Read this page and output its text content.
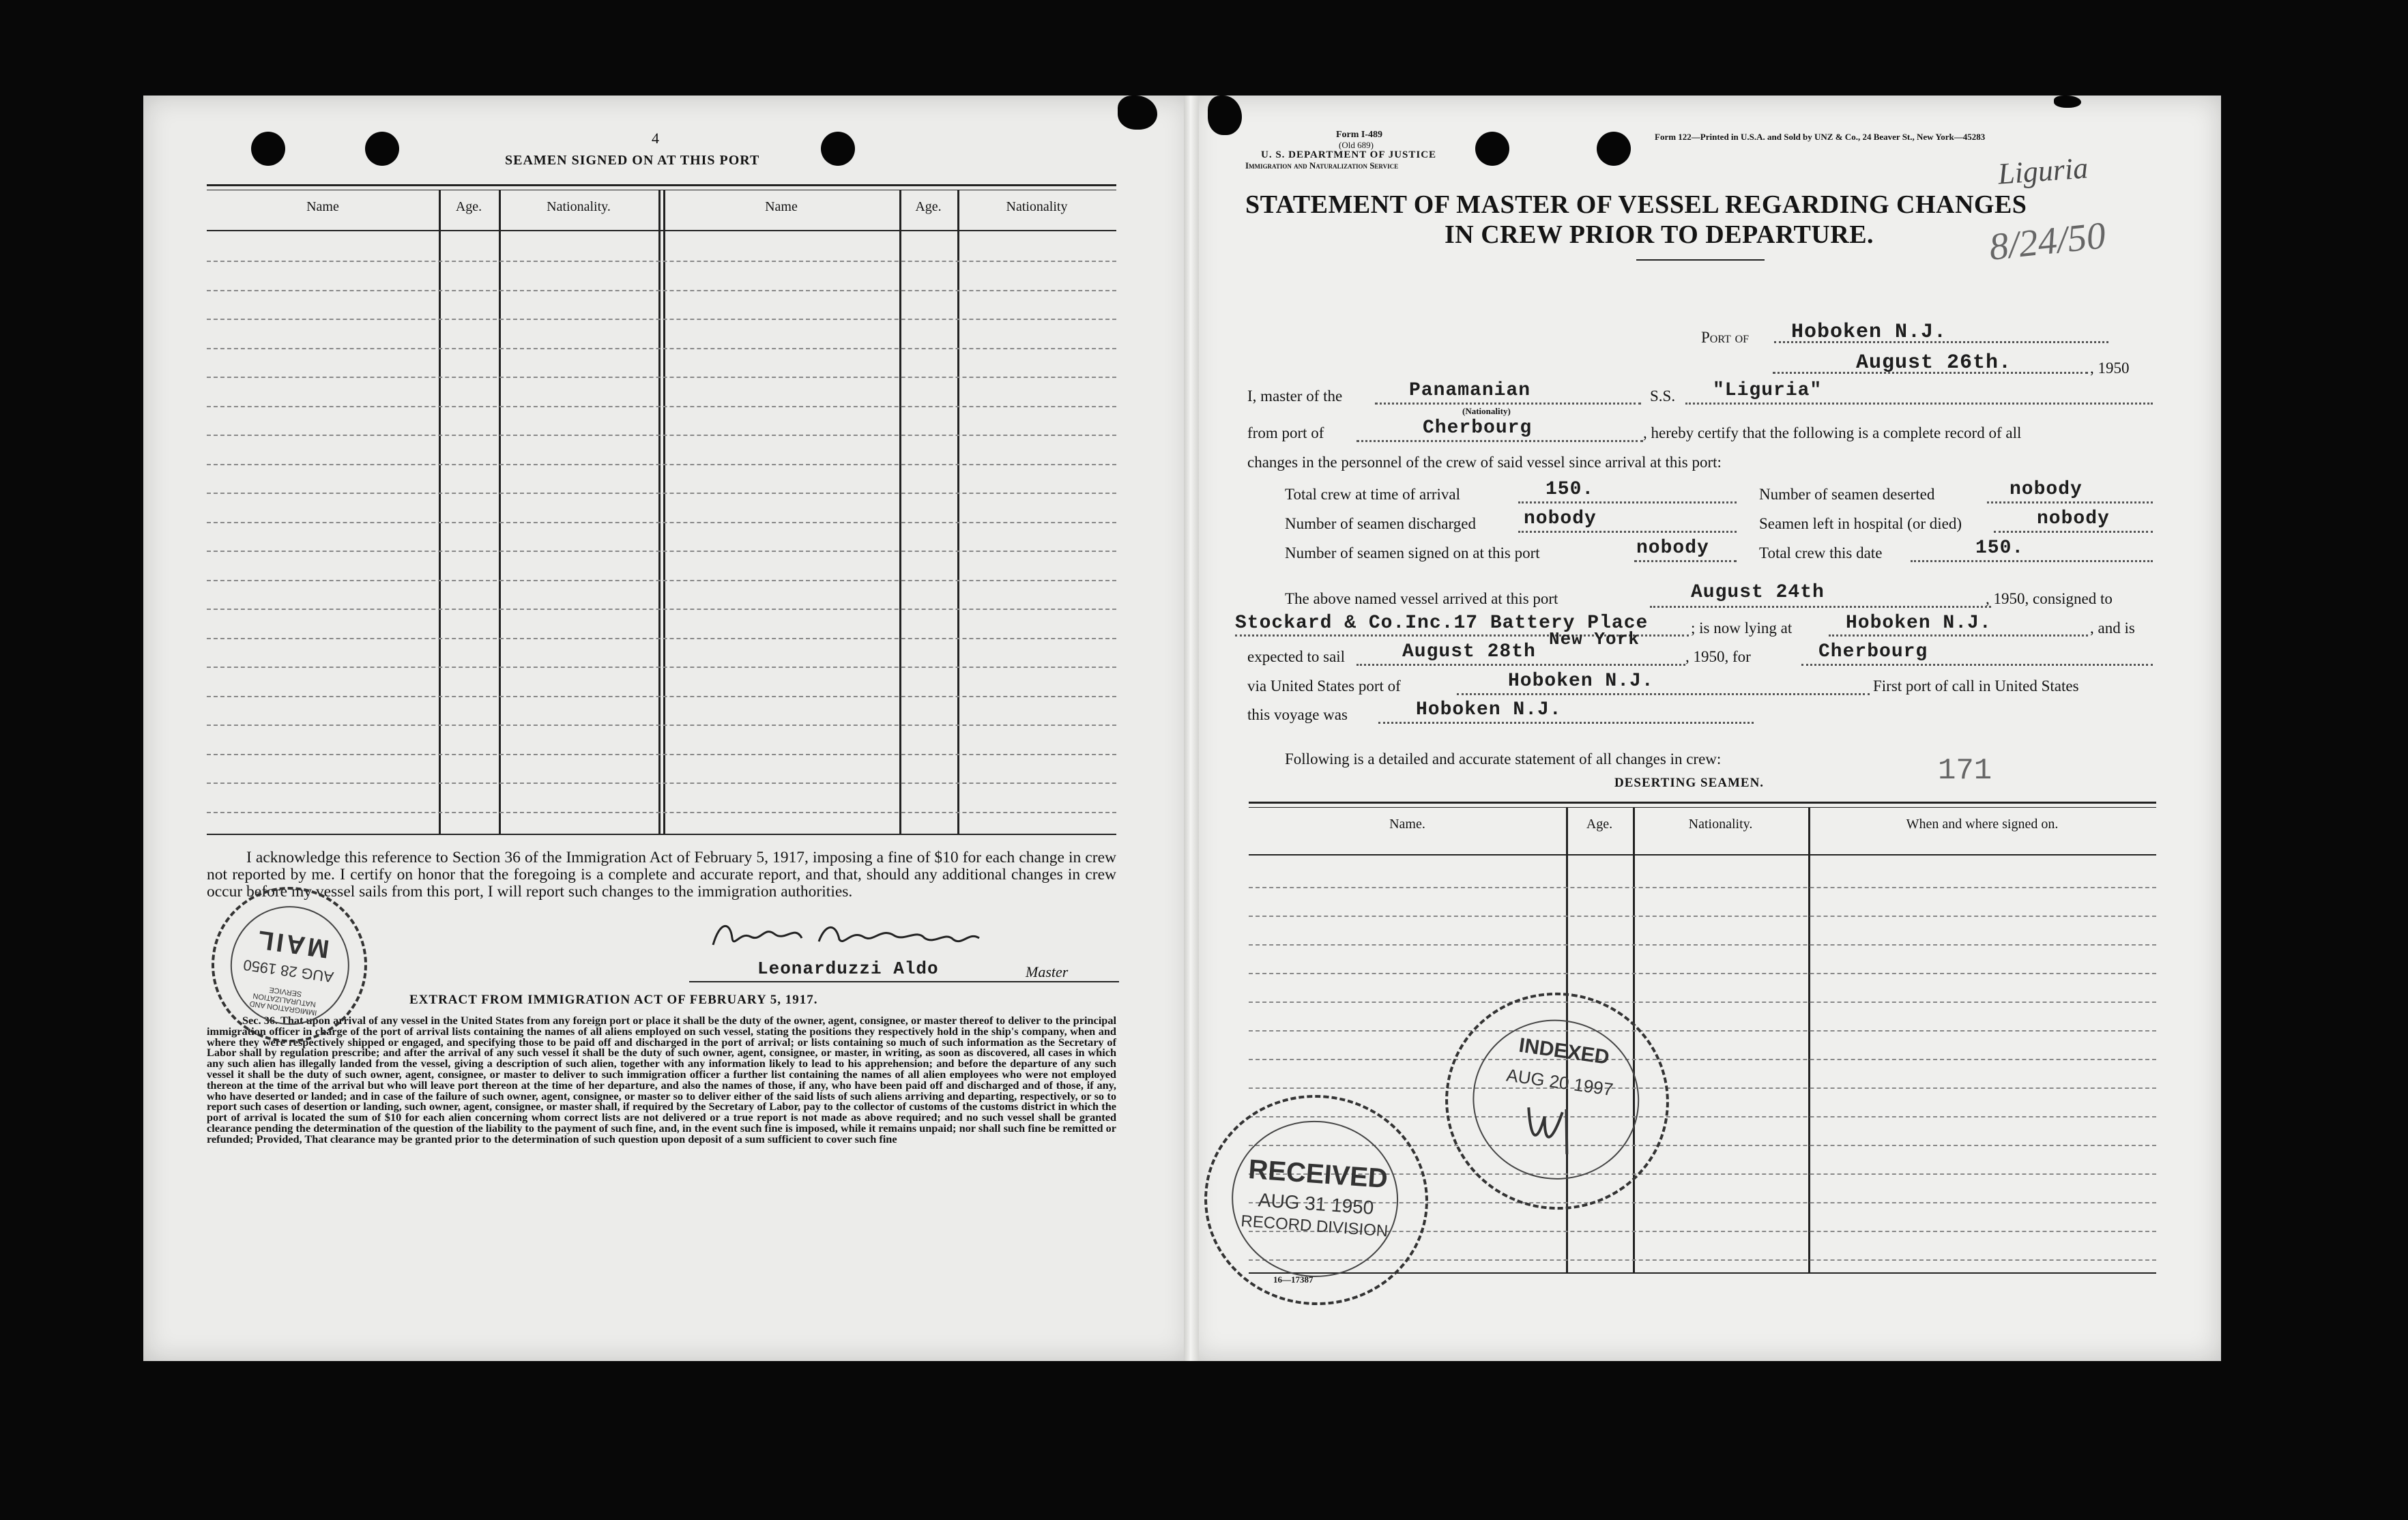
4
SEAMEN SIGNED ON AT THIS PORT
Name	Age.	Nationality.	Name	Age.	Nationality
I acknowledge this reference to Section 36 of the Immigration Act of February 5, 1917, imposing a fine of $10 for each change in crew not reported by me. I certify on honor that the foregoing is a complete and accurate report, and that, should any additional changes in crew occur before my vessel sails from this port, I will report such changes to the immigration authorities.
Leonarduzzi Aldo	Master
EXTRACT FROM IMMIGRATION ACT OF FEBRUARY 5, 1917.
Sec. 36. That upon arrival of any vessel in the United States from any foreign port or place it shall be the duty of the owner, agent, consignee, or master thereof to deliver to the principal immigration officer in charge of the port of arrival lists containing the names of all aliens employed on such vessel, stating the positions they respectively hold in the ship's company, when and where they were respectively shipped or engaged, and specifying those to be paid off and discharged in the port of arrival; or lists containing so much of such information as the Secretary of Labor shall by regulation prescribe; and after the arrival of any such vessel it shall be the duty of such owner, agent, consignee, or master, in writing, as soon as discovered, all cases in which any such alien has illegally landed from the vessel, giving a description of such alien, together with any information likely to lead to his apprehension; and before the departure of any such vessel it shall be the duty of such owner, agent, consignee, or master to deliver to such immigration officer a further list containing the names of all alien employees who were not employed thereon at the time of the arrival but who will leave port thereon at the time of her departure, and also the names of those, if any, who have been paid off and discharged and of those, if any, who have deserted or landed; and in case of the failure of such owner, agent, consignee, or master so to deliver either of the said lists of such aliens arriving and departing, respectively, or so to report such cases of desertion or landing, such owner, agent, consignee, or master shall, if required by the Secretary of Labor, pay to the collector of customs of the customs district in which the port of arrival is located the sum of $10 for each alien concerning whom correct lists are not delivered or a true report is not made as above required; and no such vessel shall be granted clearance pending the determination of the question of the liability to the payment of such fine, and, in the event such fine is imposed, while it remains unpaid; nor shall such fine be remitted or refunded; Provided, That clearance may be granted prior to the determination of such question upon deposit of a sum sufficient to cover such fine
MAIL
AUG 28 1950
IMMIGRATION AND NATURALIZATION SERVICE
Form I-489
(Old 689)
U. S. DEPARTMENT OF JUSTICE
Immigration and Naturalization Service
Form 122—Printed in U.S.A. and Sold by UNZ & Co., 24 Beaver St., New York—45283
Liguria
8/24/50
STATEMENT OF MASTER OF VESSEL REGARDING CHANGES
IN CREW PRIOR TO DEPARTURE.
Port of Hoboken N.J.
August 26th.	, 1950
I, master of the	Panamanian
(Nationality)
S.S. "Liguria"
from port of	Cherbourg	, hereby certify that the following is a complete record of all
changes in the personnel of the crew of said vessel since arrival at this port:
Total crew at time of arrival	150.	Number of seamen deserted	nobody
Number of seamen discharged	nobody	Seamen left in hospital (or died)	nobody
Number of seamen signed on at this port	nobody	Total crew this date	150.
The above named vessel arrived at this port	August 24th	, 1950, consigned to
Stockard & Co.Inc.17 Battery Place
New York
; is now lying at	Hoboken N.J.	, and is
expected to sail	August 28th	, 1950, for	Cherbourg
via United States port of	Hoboken N.J.	First port of call in United States
this voyage was	Hoboken N.J.
Following is a detailed and accurate statement of all changes in crew:	171
DESERTING SEAMEN.
Name.	Age.	Nationality.	When and where signed on.
16—17387
INDEXED
AUG 20 1997
RECEIVED
AUG 31 1950
RECORD DIVISION
